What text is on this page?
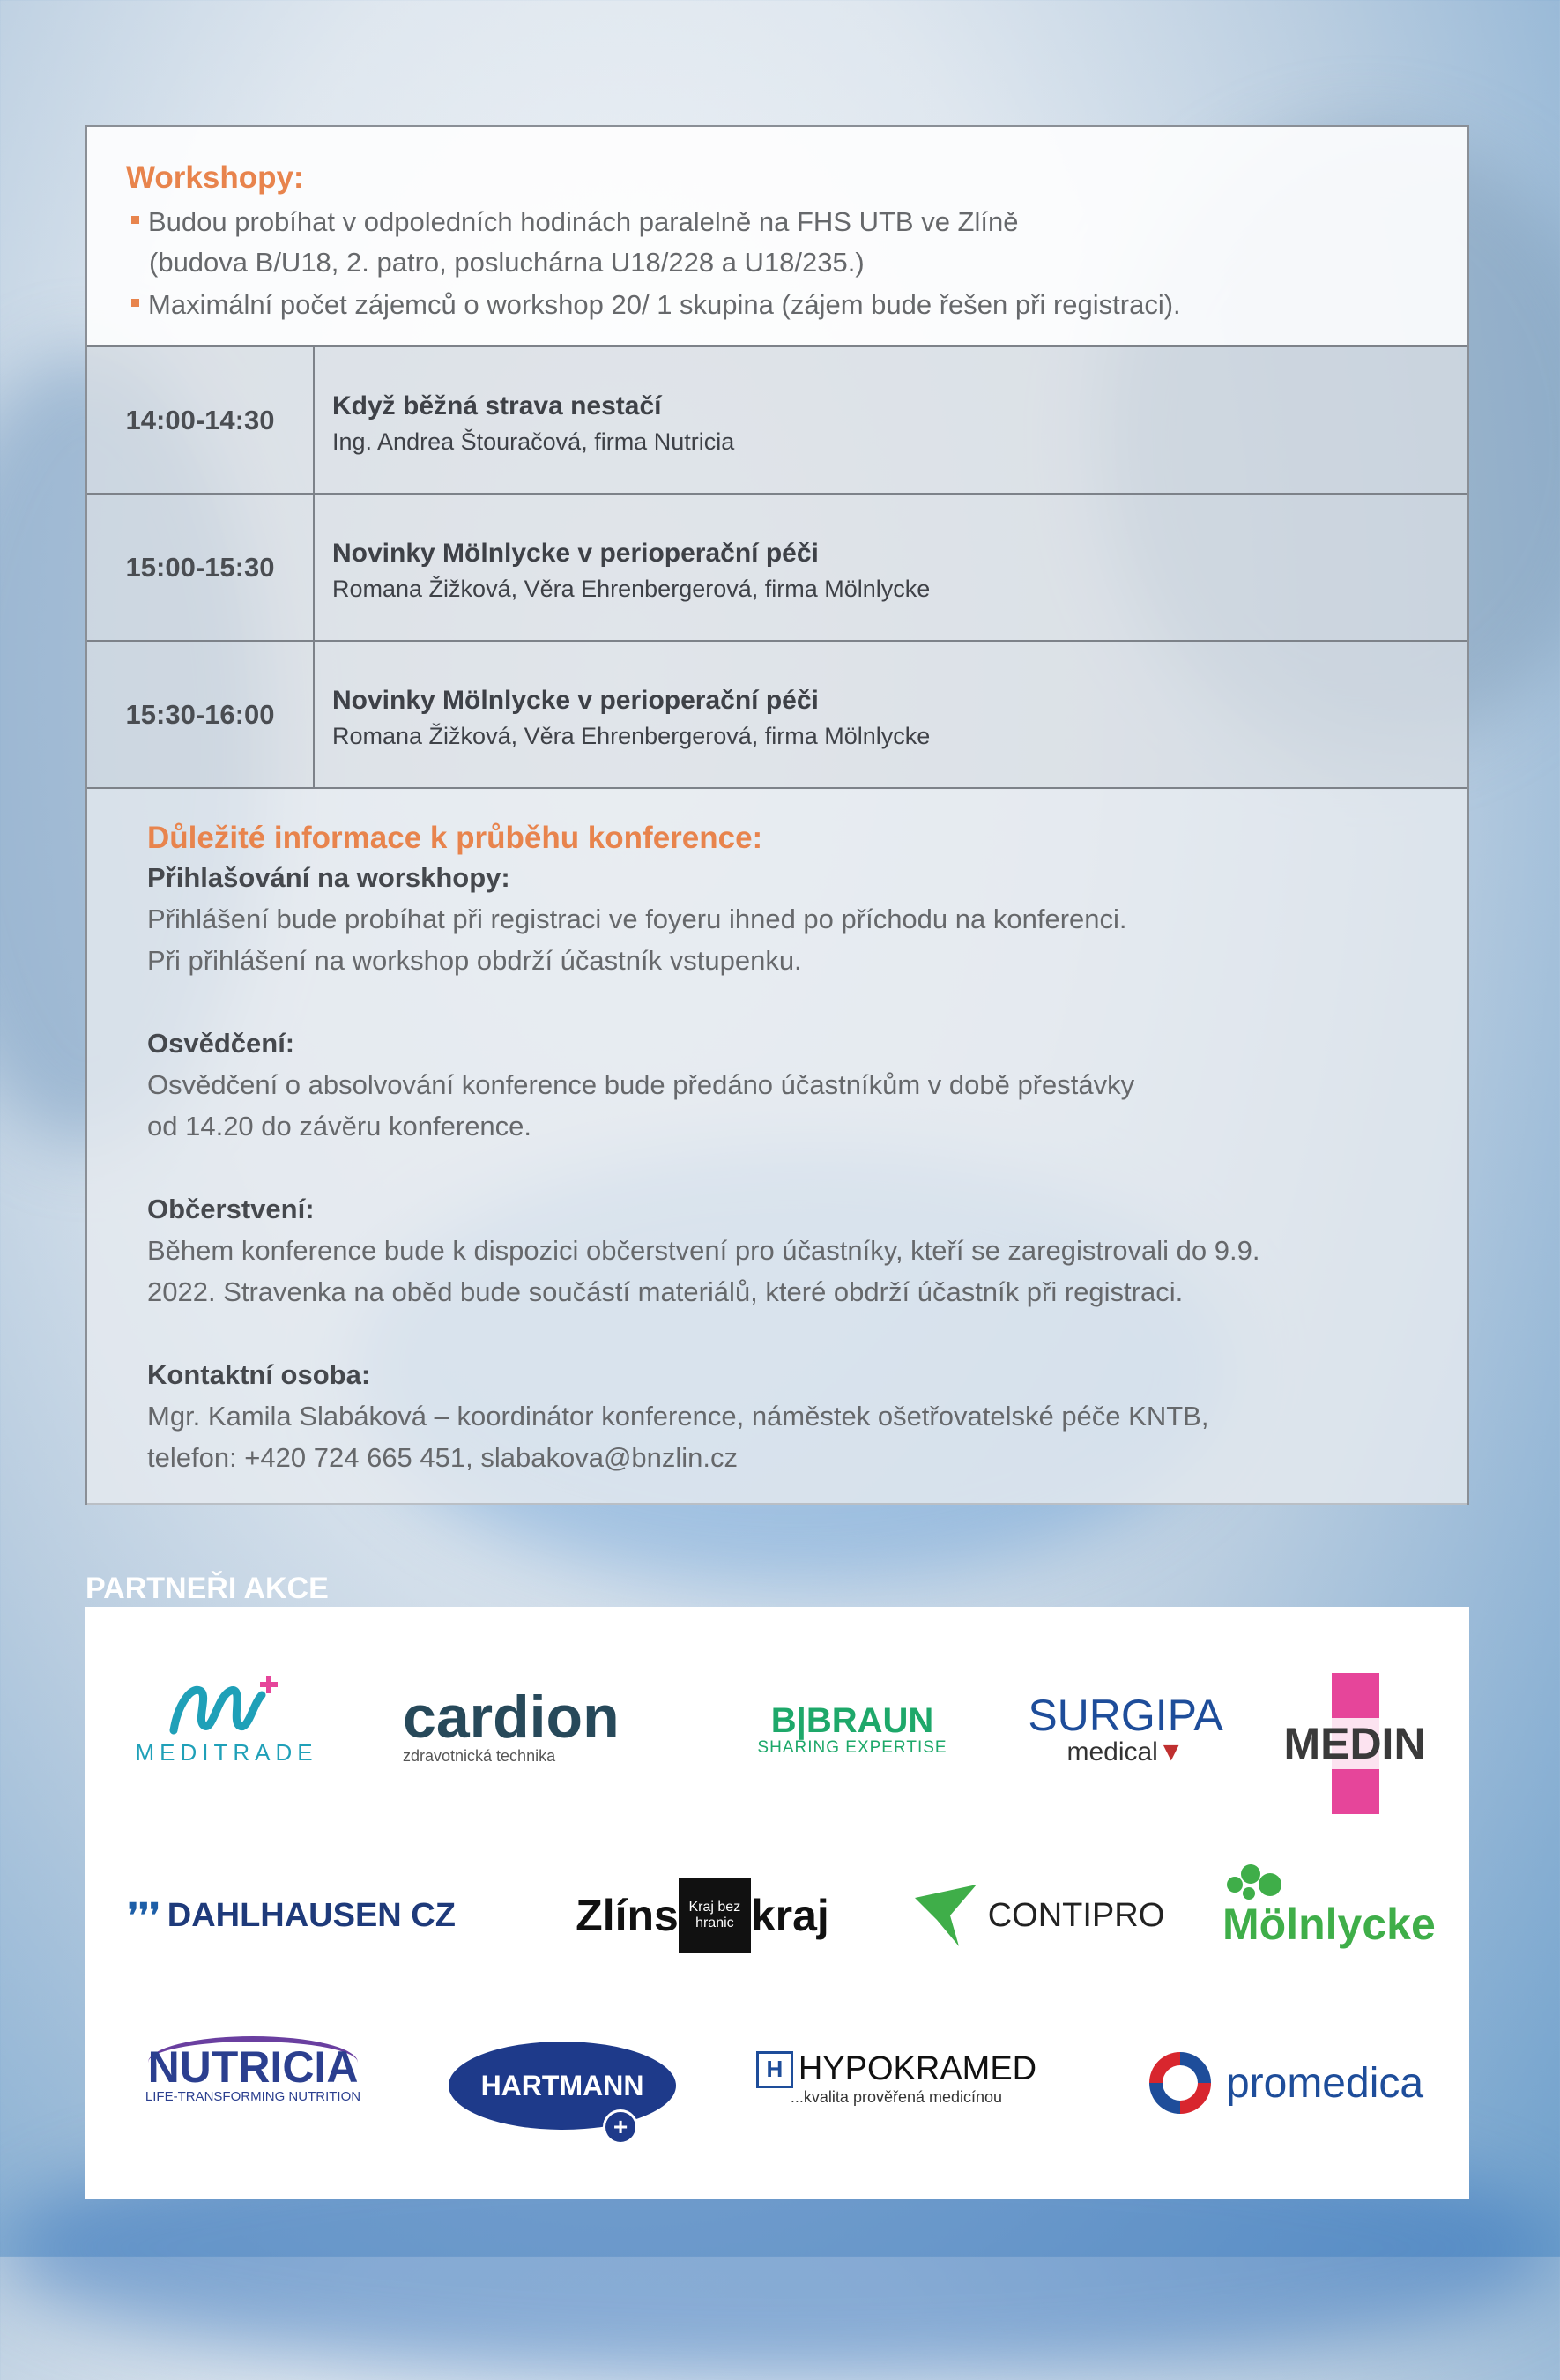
Workshopy:
Budou probíhat v odpoledních hodinách paralelně na FHS UTB ve Zlíně
(budova B/U18, 2. patro, posluchárna U18/228 a U18/235.)
Maximální počet zájemců o workshop 20/ 1 skupina (zájem bude řešen při registraci).
14:00-14:30	Když běžná strava nestačí
Ing. Andrea Štouračová, firma Nutricia
15:00-15:30	Novinky Mölnlycke v perioperační péči
Romana Žižková, Věra Ehrenbergerová, firma Mölnlycke
15:30-16:00	Novinky Mölnlycke v perioperační péči
Romana Žižková, Věra Ehrenbergerová, firma Mölnlycke
Důležité informace k průběhu konference:
Přihlašování na worskhopy:
Přihlášení bude probíhat při registraci ve foyeru ihned po příchodu na konferenci.
Při přihlášení na workshop obdrží účastník vstupenku.
Osvědčení:
Osvědčení o absolvování konference bude předáno účastníkům v době přestávky
od 14.20 do závěru konference.
Občerstvení:
Během konference bude k dispozici občerstvení pro účastníky, kteří se zaregistrovali do 9.9.
2022. Stravenka na oběd bude součástí materiálů, které obdrží účastník při registraci.
Kontaktní osoba:
Mgr. Kamila Slabáková – koordinátor konference, náměstek ošetřovatelské péče KNTB,
telefon: +420 724 665 451, slabakova@bnzlin.cz
PARTNEŘI AKCE
MEDITRADE
cardion
zdravotnická technika
B|BRAUN
SHARING EXPERTISE
SURGIPA
medical▼ MEDIN
❜❜❜ DAHLHAUSEN CZ	Zlíns Kraj bez hranic kraj	CONTIPRO Mölnlycke
NUTRICIA
LIFE-TRANSFORMING NUTRITION	HARTMANN
+
H HYPOKRAMED
...kvalita prověřená medicínou	promedica
